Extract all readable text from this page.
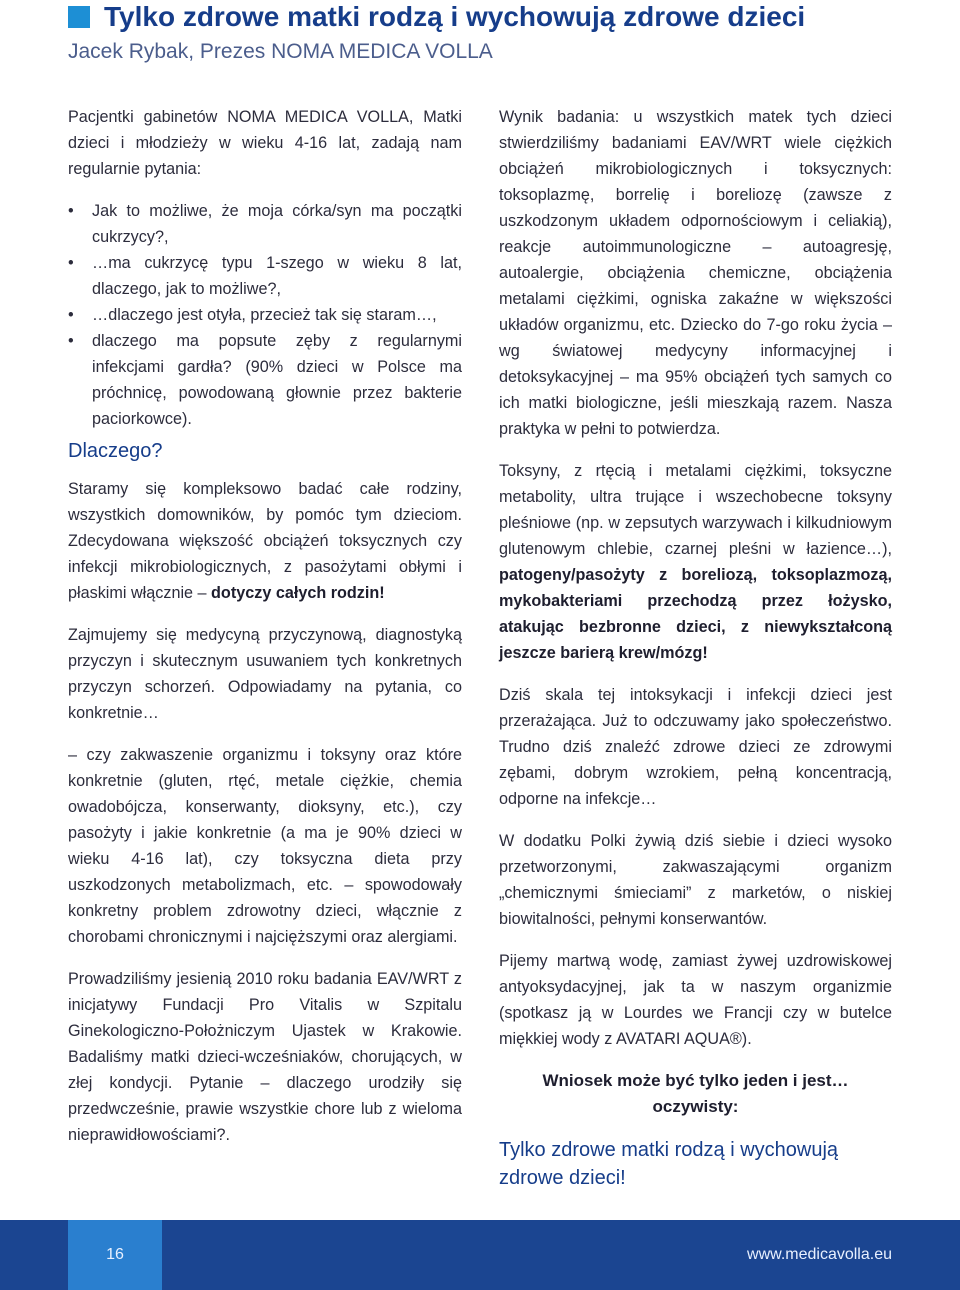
Tylko zdrowe matki rodzą i wychowują zdrowe dzieci
Jacek Rybak, Prezes NOMA MEDICA VOLLA

Pacjentki gabinetów NOMA MEDICA VOLLA, Matki dzieci i młodzieży w wieku 4-16 lat, zadają nam regularnie pytania:

• Jak to możliwe, że moja córka/syn ma początki cukrzycy?,
• …ma cukrzycę typu 1-szego w wieku 8 lat, dlaczego, jak to możliwe?,
• …dlaczego jest otyła, przecież tak się staram…,
• dlaczego ma popsute zęby z regularnymi infekcjami gardła? (90% dzieci w Polsce ma próchnicę, powodowaną głownie przez bakterie paciorkowce).
Dlaczego?

Staramy się kompleksowo badać całe rodziny, wszystkich domowników, by pomóc tym dzieciom. Zdecydowana większość obciążeń toksycznych czy infekcji mikrobiologicznych, z pasożytami obłymi i płaskimi włącznie – dotyczy całych rodzin!

Zajmujemy się medycyną przyczynową, diagnostyką przyczyn i skutecznym usuwaniem tych konkretnych przyczyn schorzeń. Odpowiadamy na pytania, co konkretnie…

– czy zakwaszenie organizmu i toksyny oraz które konkretnie (gluten, rtęć, metale ciężkie, chemia owadobójcza, konserwanty, dioksyny, etc.), czy pasożyty i jakie konkretnie (a ma je 90% dzieci w wieku 4-16 lat), czy toksyczna dieta przy uszkodzonych metabolizmach, etc. – spowodowały konkretny problem zdrowotny dzieci, włącznie z chorobami chronicznymi i najcięższymi oraz alergiami.

Prowadziliśmy jesienią 2010 roku badania EAV/WRT z inicjatywy Fundacji Pro Vitalis w Szpitalu Ginekologiczno-Położniczym Ujastek w Krakowie. Badaliśmy matki dzieci-wcześniaków, chorujących, w złej kondycji. Pytanie – dlaczego urodziły się przedwcześnie, prawie wszystkie chore lub z wieloma nieprawidłowościami?.

Wynik badania: u wszystkich matek tych dzieci stwierdziliśmy badaniami EAV/WRT wiele ciężkich obciążeń mikrobiologicznych i toksycznych: toksoplazmę, borrelię i boreliozę (zawsze z uszkodzonym układem odpornościowym i celiakią), reakcje autoimmunologiczne – autoagresję, autoalergie, obciążenia chemiczne, obciążenia metalami ciężkimi, ogniska zakaźne w większości układów organizmu, etc. Dziecko do 7-go roku życia – wg światowej medycyny informacyjnej i detoksykacyjnej – ma 95% obciążeń tych samych co ich matki biologiczne, jeśli mieszkają razem. Nasza praktyka w pełni to potwierdza.

Toksyny, z rtęcią i metalami ciężkimi, toksyczne metabolity, ultra trujące i wszechobecne toksyny pleśniowe (np. w zepsutych warzywach i kilkudniowym glutenowym chlebie, czarnej pleśni w łazience…), patogeny/pasożyty z boreliozą, toksoplazmozą, mykobakteriami przechodzą przez łożysko, atakując bezbronne dzieci, z niewykształconą jeszcze barierą krew/mózg!

Dziś skala tej intoksykacji i infekcji dzieci jest przerażająca. Już to odczuwamy jako społeczeństwo. Trudno dziś znaleźć zdrowe dzieci ze zdrowymi zębami, dobrym wzrokiem, pełną koncentracją, odporne na infekcje…

W dodatku Polki żywią dziś siebie i dzieci wysoko przetworzonymi, zakwaszającymi organizm „chemicznymi śmieciami” z marketów, o niskiej biowitalności, pełnymi konserwantów.

Pijemy martwą wodę, zamiast żywej uzdrowiskowej antyoksydacyjnej, jak ta w naszym organizmie (spotkasz ją w Lourdes we Francji czy w butelce miękkiej wody z AVATARI AQUA®).

Wniosek może być tylko jeden i jest… oczywisty:

Tylko zdrowe matki rodzą i wychowują zdrowe dzieci!

16	www.medicavolla.eu
